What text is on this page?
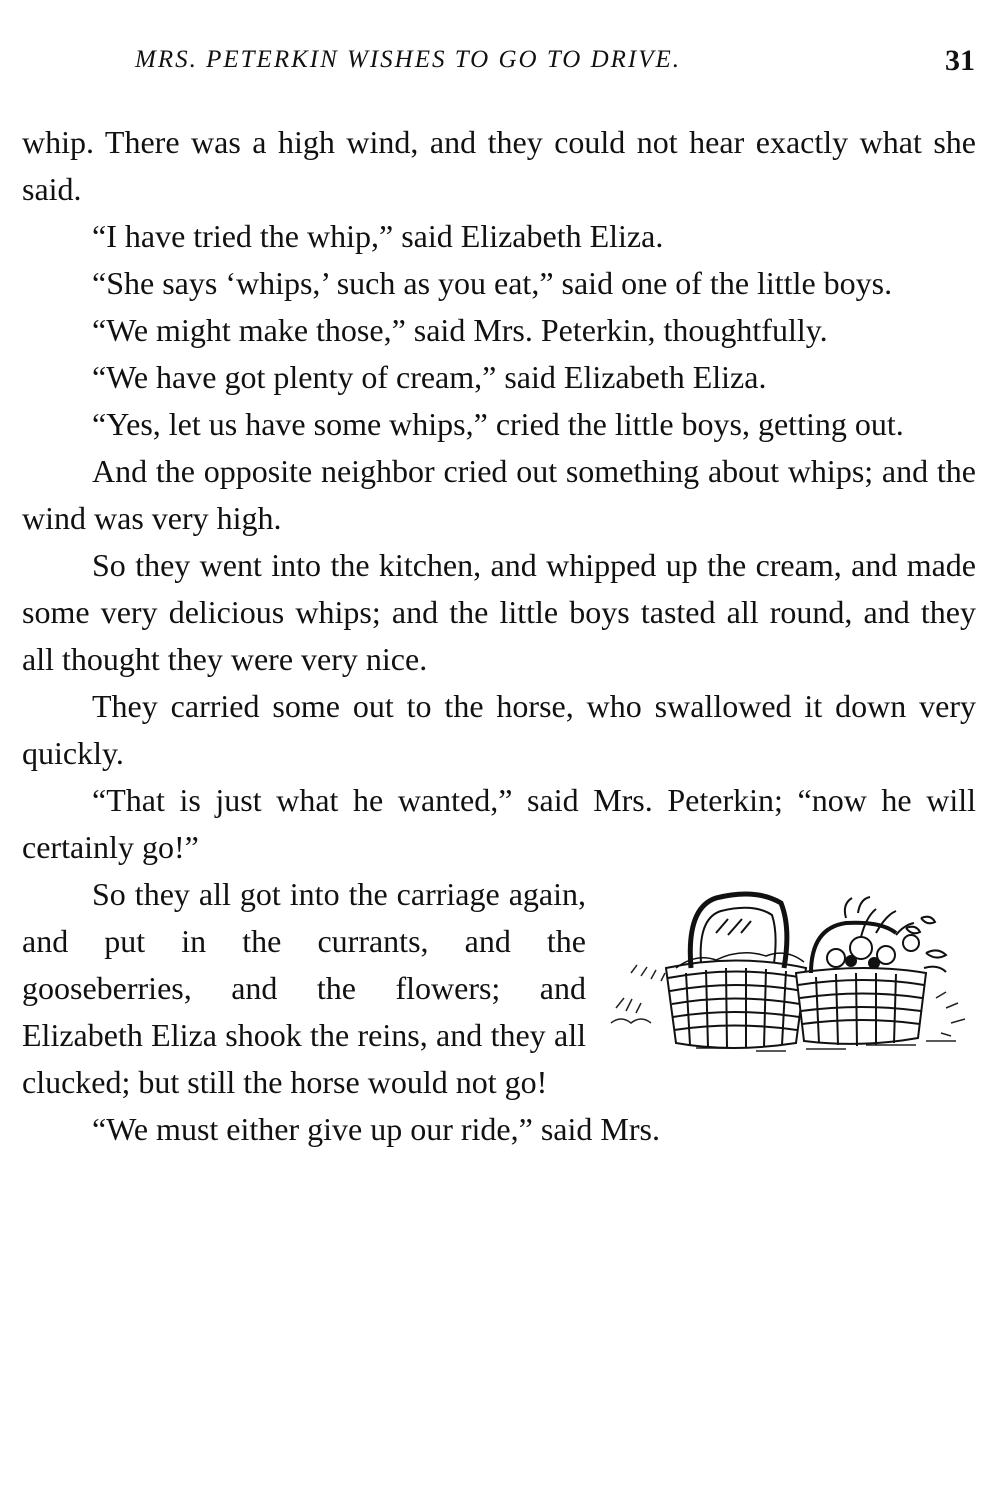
MRS. PETERKIN WISHES TO GO TO DRIVE.	31

whip. There was a high wind, and they could not hear exactly what she said.

“I have tried the whip,” said Elizabeth Eliza.

“She says ‘whips,’ such as you eat,” said one of the little boys.

“We might make those,” said Mrs. Peterkin, thoughtfully.

“We have got plenty of cream,” said Elizabeth Eliza.

“Yes, let us have some whips,” cried the little boys, getting out.

And the opposite neighbor cried out something about whips; and the wind was very high.

So they went into the kitchen, and whipped up the cream, and made some very delicious whips; and the little boys tasted all round, and they all thought they were very nice.

They carried some out to the horse, who swallowed it down very quickly.

“That is just what he wanted,” said Mrs. Peterkin; “now he will certainly go!”

So they all got into the carriage again, and put in the currants, and the gooseberries, and the flowers; and Elizabeth Eliza shook the reins, and they all clucked; but still the horse would not go!

“We must either give up our ride,” said Mrs.
